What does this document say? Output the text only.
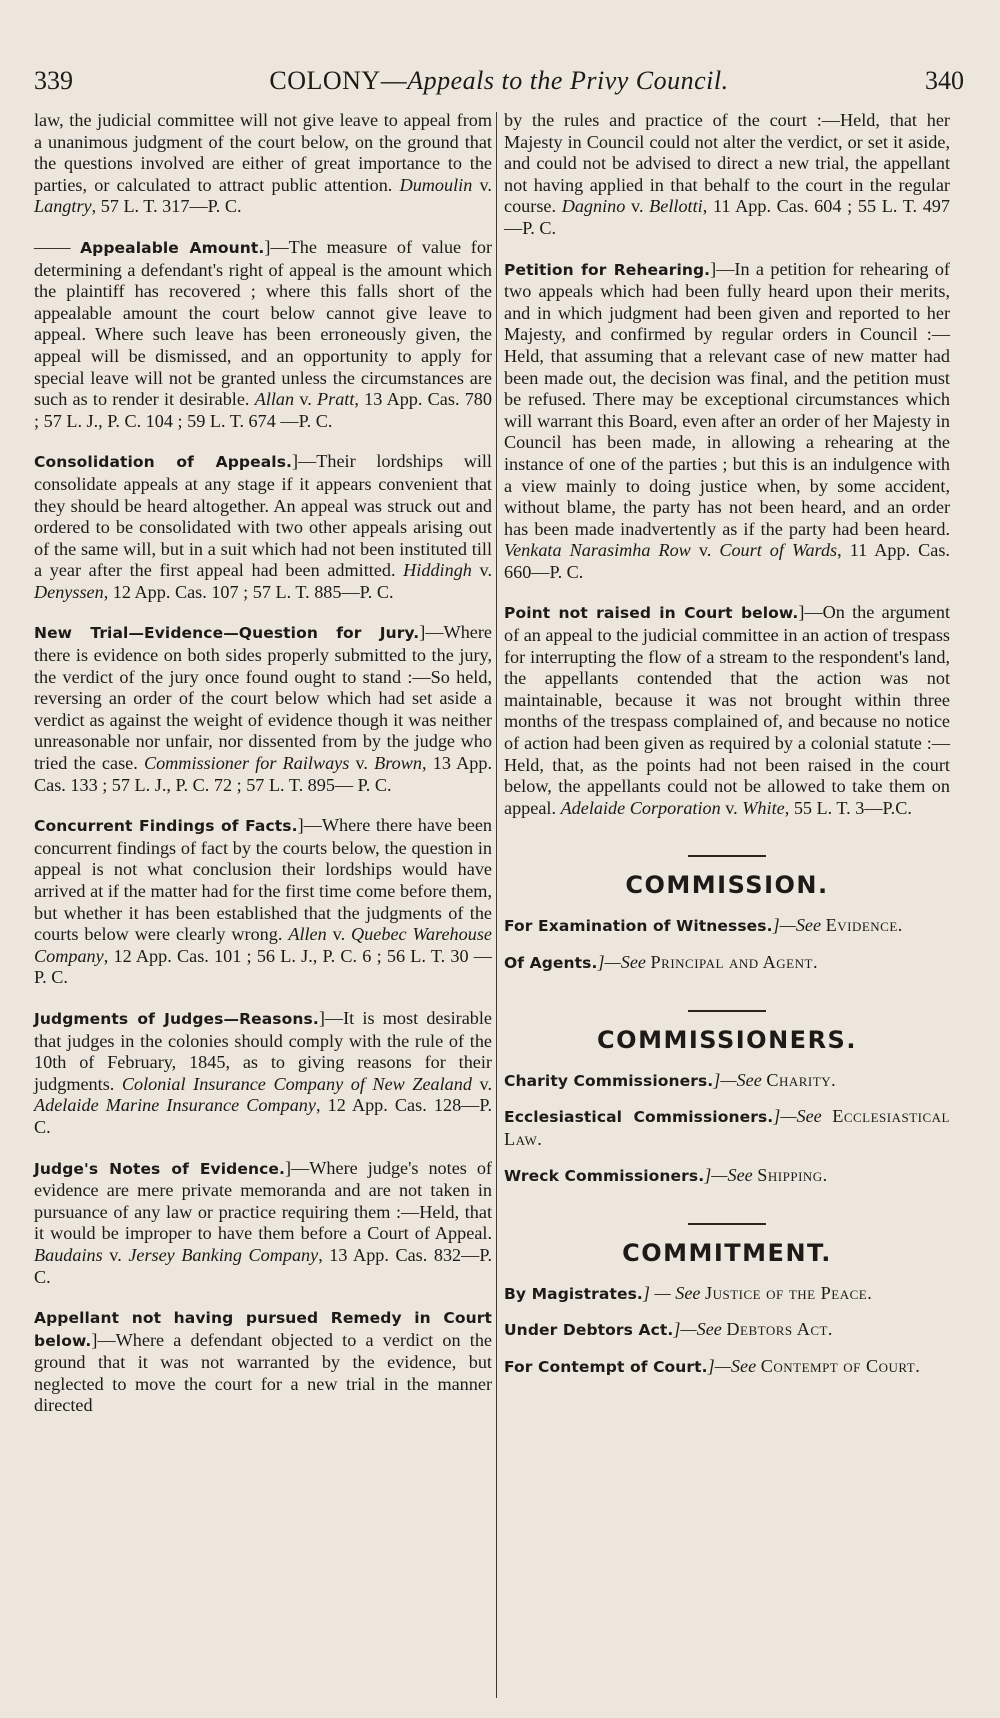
339	COLONY—Appeals to the Privy Council.	340

law, the judicial committee will not give leave to appeal from a unanimous judgment of the court below, on the ground that the questions involved are either of great importance to the parties, or calculated to attract public attention. Dumoulin v. Langtry, 57 L. T. 317—P. C.

—— Appealable Amount.]—The measure of value for determining a defendant's right of appeal is the amount which the plaintiff has recovered ; where this falls short of the appealable amount the court below cannot give leave to appeal. Where such leave has been erroneously given, the appeal will be dismissed, and an opportunity to apply for special leave will not be granted unless the circumstances are such as to render it desirable. Allan v. Pratt, 13 App. Cas. 780 ; 57 L. J., P. C. 104 ; 59 L. T. 674 —P. C.

Consolidation of Appeals.]—Their lordships will consolidate appeals at any stage if it appears convenient that they should be heard altogether. An appeal was struck out and ordered to be consolidated with two other appeals arising out of the same will, but in a suit which had not been instituted till a year after the first appeal had been admitted. Hiddingh v. Denyssen, 12 App. Cas. 107 ; 57 L. T. 885—P. C.

New Trial—Evidence—Question for Jury.]—Where there is evidence on both sides properly submitted to the jury, the verdict of the jury once found ought to stand :—So held, reversing an order of the court below which had set aside a verdict as against the weight of evidence though it was neither unreasonable nor unfair, nor dissented from by the judge who tried the case. Commissioner for Railways v. Brown, 13 App. Cas. 133 ; 57 L. J., P. C. 72 ; 57 L. T. 895— P. C.

Concurrent Findings of Facts.]—Where there have been concurrent findings of fact by the courts below, the question in appeal is not what conclusion their lordships would have arrived at if the matter had for the first time come before them, but whether it has been established that the judgments of the courts below were clearly wrong. Allen v. Quebec Warehouse Company, 12 App. Cas. 101 ; 56 L. J., P. C. 6 ; 56 L. T. 30 —P. C.

Judgments of Judges—Reasons.]—It is most desirable that judges in the colonies should comply with the rule of the 10th of February, 1845, as to giving reasons for their judgments. Colonial Insurance Company of New Zealand v. Adelaide Marine Insurance Company, 12 App. Cas. 128—P. C.

Judge's Notes of Evidence.]—Where judge's notes of evidence are mere private memoranda and are not taken in pursuance of any law or practice requiring them :—Held, that it would be improper to have them before a Court of Appeal. Baudains v. Jersey Banking Company, 13 App. Cas. 832—P. C.

Appellant not having pursued Remedy in Court below.]—Where a defendant objected to a verdict on the ground that it was not warranted by the evidence, but neglected to move the court for a new trial in the manner directed

by the rules and practice of the court :—Held, that her Majesty in Council could not alter the verdict, or set it aside, and could not be advised to direct a new trial, the appellant not having applied in that behalf to the court in the regular course. Dagnino v. Bellotti, 11 App. Cas. 604 ; 55 L. T. 497—P. C.

Petition for Rehearing.]—In a petition for rehearing of two appeals which had been fully heard upon their merits, and in which judgment had been given and reported to her Majesty, and confirmed by regular orders in Council :—Held, that assuming that a relevant case of new matter had been made out, the decision was final, and the petition must be refused. There may be exceptional circumstances which will warrant this Board, even after an order of her Majesty in Council has been made, in allowing a rehearing at the instance of one of the parties ; but this is an indulgence with a view mainly to doing justice when, by some accident, without blame, the party has not been heard, and an order has been made inadvertently as if the party had been heard. Venkata Narasimha Row v. Court of Wards, 11 App. Cas. 660—P. C.

Point not raised in Court below.]—On the argument of an appeal to the judicial committee in an action of trespass for interrupting the flow of a stream to the respondent's land, the appellants contended that the action was not maintainable, because it was not brought within three months of the trespass complained of, and because no notice of action had been given as required by a colonial statute :—Held, that, as the points had not been raised in the court below, the appellants could not be allowed to take them on appeal. Adelaide Corporation v. White, 55 L. T. 3—P.C.

COMMISSION.

For Examination of Witnesses.]—See Evidence.

Of Agents.]—See Principal and Agent.

COMMISSIONERS.

Charity Commissioners.]—See Charity.

Ecclesiastical Commissioners.]—See Ecclesiastical Law.

Wreck Commissioners.]—See Shipping.

COMMITMENT.

By Magistrates.] — See Justice of the Peace.

Under Debtors Act.]—See Debtors Act.

For Contempt of Court.]—See Contempt of Court.
